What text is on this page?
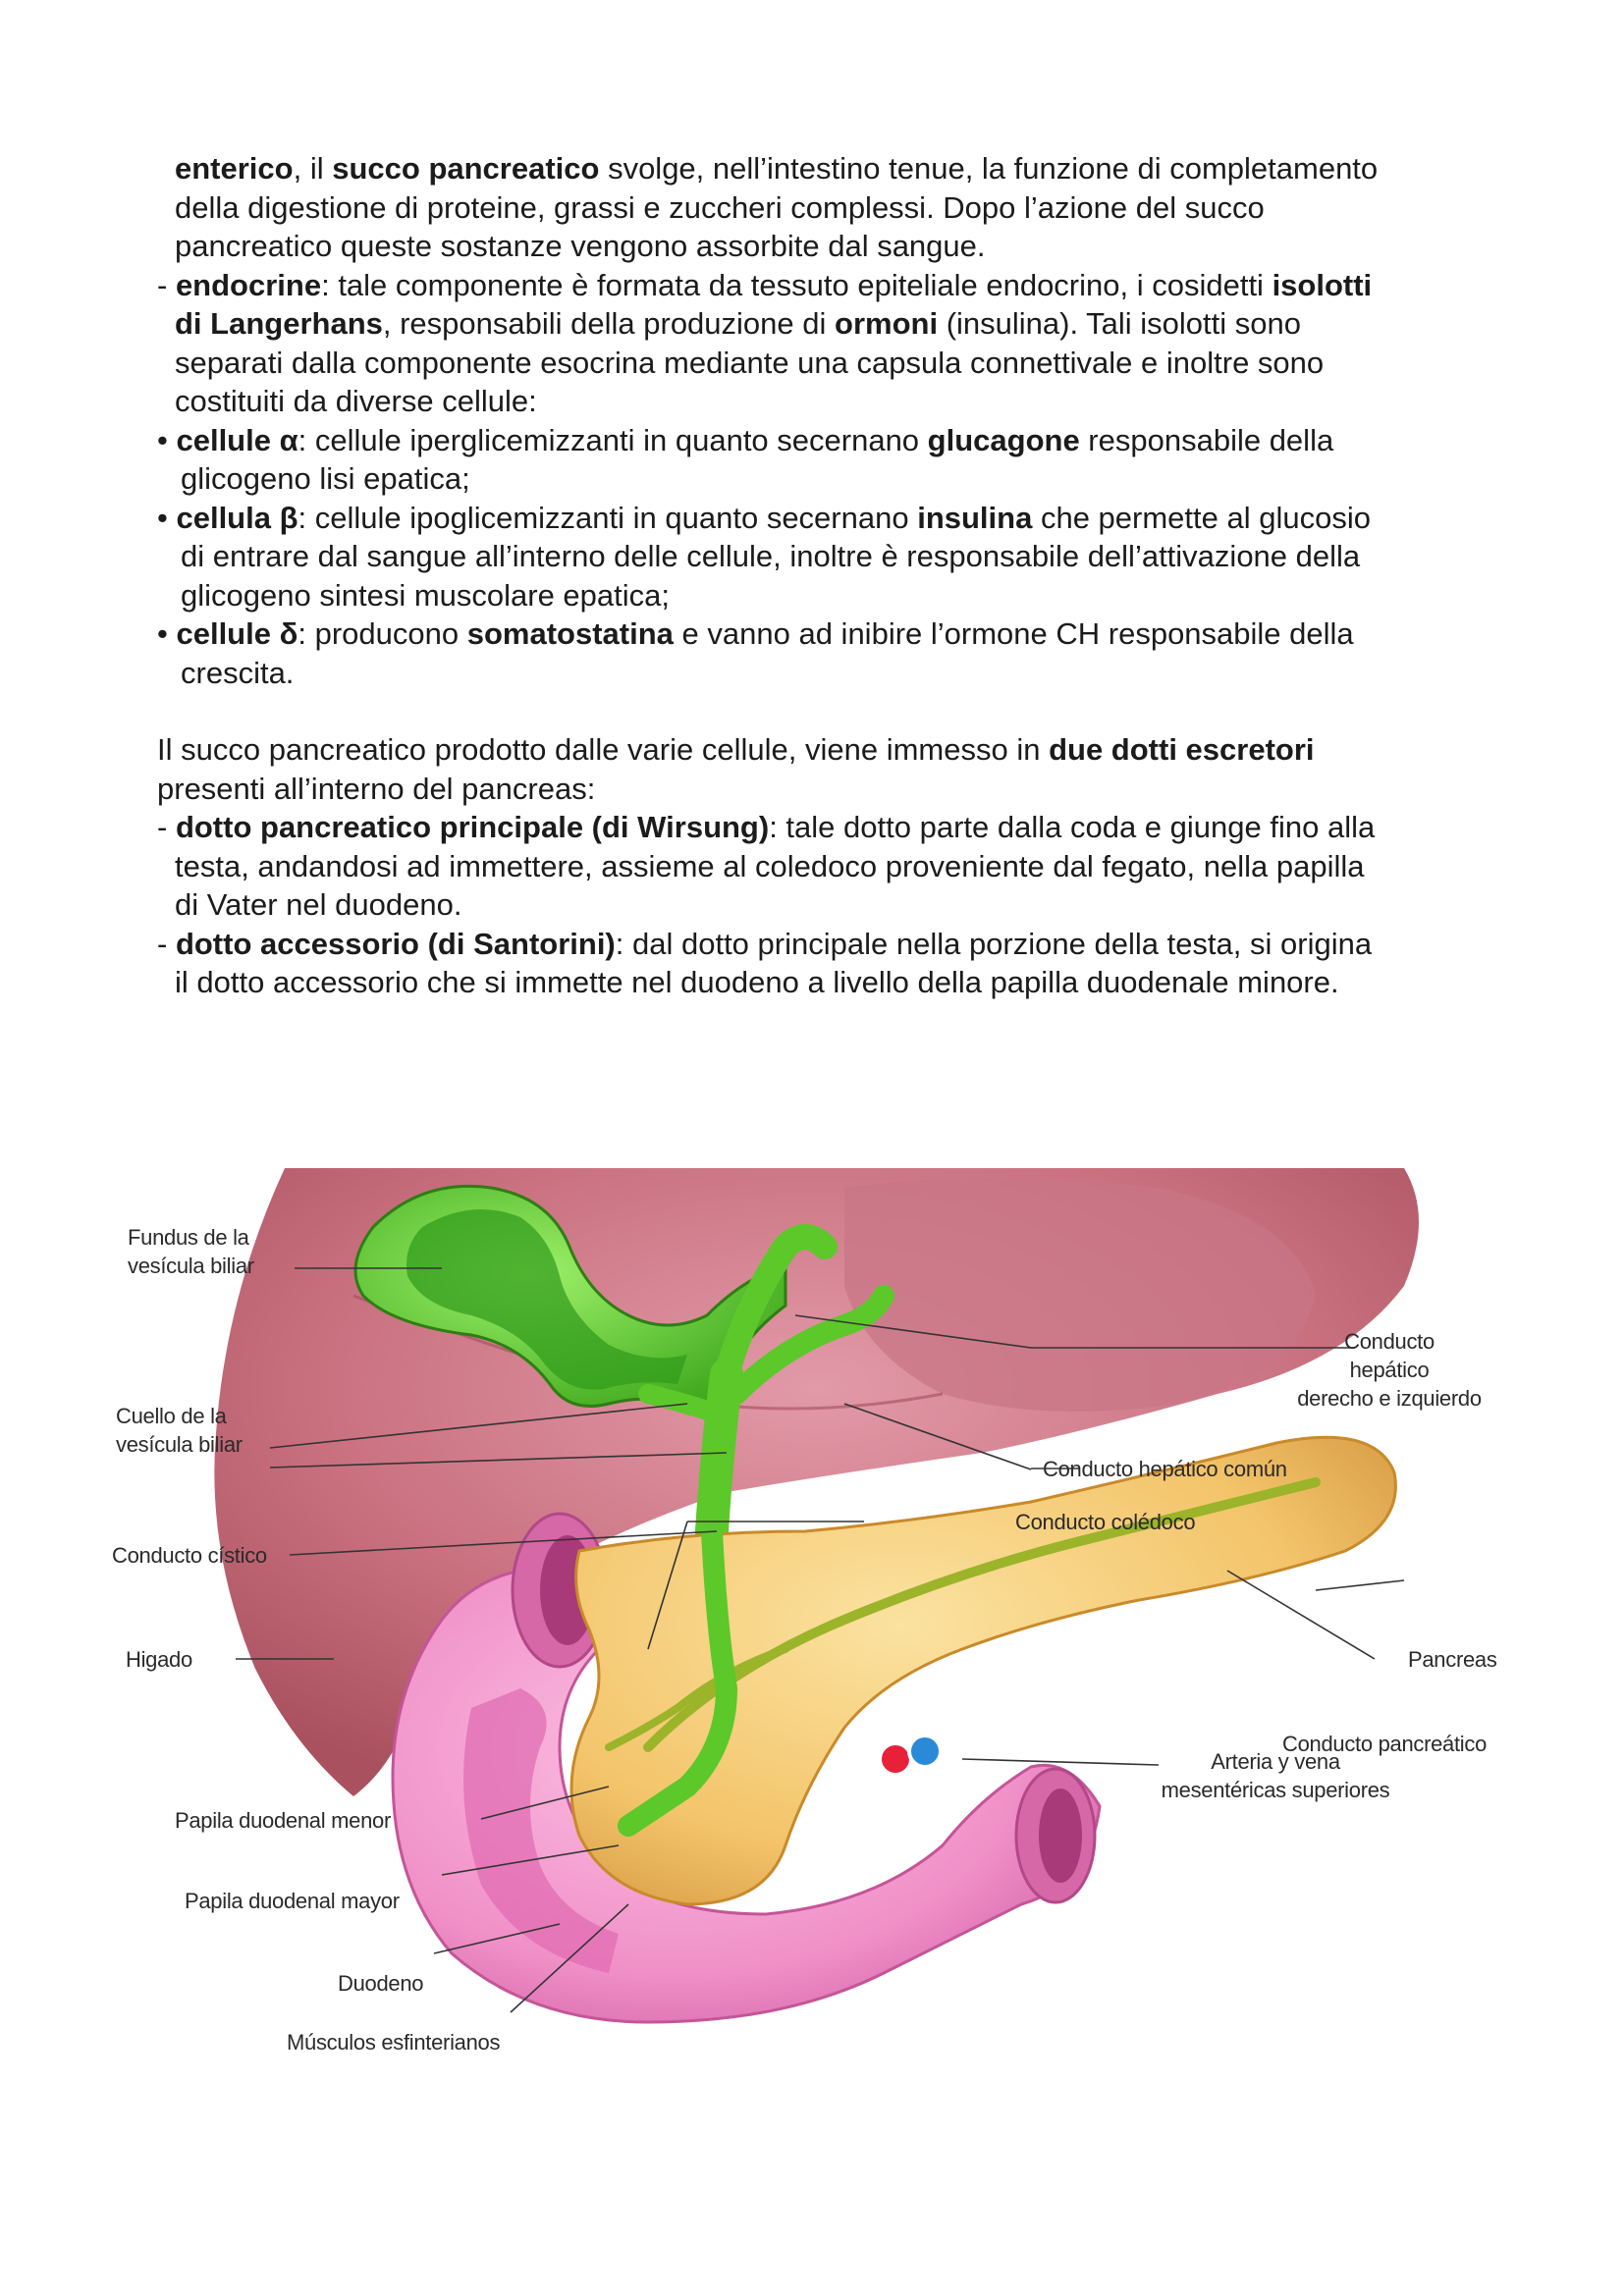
enterico, il succo pancreatico svolge, nell’intestino tenue, la funzione di completamento
della digestione di proteine, grassi e zuccheri complessi. Dopo l’azione del succo
pancreatico queste sostanze vengono assorbite dal sangue.
- endocrine: tale componente è formata da tessuto epiteliale endocrino, i cosidetti isolotti
di Langerhans, responsabili della produzione di ormoni (insulina). Tali isolotti sono
separati dalla componente esocrina mediante una capsula connettivale e inoltre sono
costituiti da diverse cellule:
• cellule α: cellule iperglicemizzanti in quanto secernano glucagone responsabile della
glicogeno lisi epatica;
• cellula β: cellule ipoglicemizzanti in quanto secernano insulina che permette al glucosio
di entrare dal sangue all’interno delle cellule, inoltre è responsabile dell’attivazione della
glicogeno sintesi muscolare epatica;
• cellule δ: producono somatostatina e vanno ad inibire l’ormone CH responsabile della
crescita.
Il succo pancreatico prodotto dalle varie cellule, viene immesso in due dotti escretori
presenti all’interno del pancreas:
- dotto pancreatico principale (di Wirsung): tale dotto parte dalla coda e giunge fino alla
testa, andandosi ad immettere, assieme al coledoco proveniente dal fegato, nella papilla
di Vater nel duodeno.
- dotto accessorio (di Santorini): dal dotto principale nella porzione della testa, si origina
il dotto accessorio che si immette nel duodeno a livello della papilla duodenale minore.
Fundus de la
vesícula biliar
Cuello de la
vesícula biliar
Conducto cístico
Higado
Papila duodenal menor
Papila duodenal mayor
Duodeno
Músculos esfinterianos
Conducto
hepático
derecho e izquierdo
Conducto hepático común
Conducto colédoco
Pancreas
Conducto pancreático
Arteria y vena
mesentéricas superiores
